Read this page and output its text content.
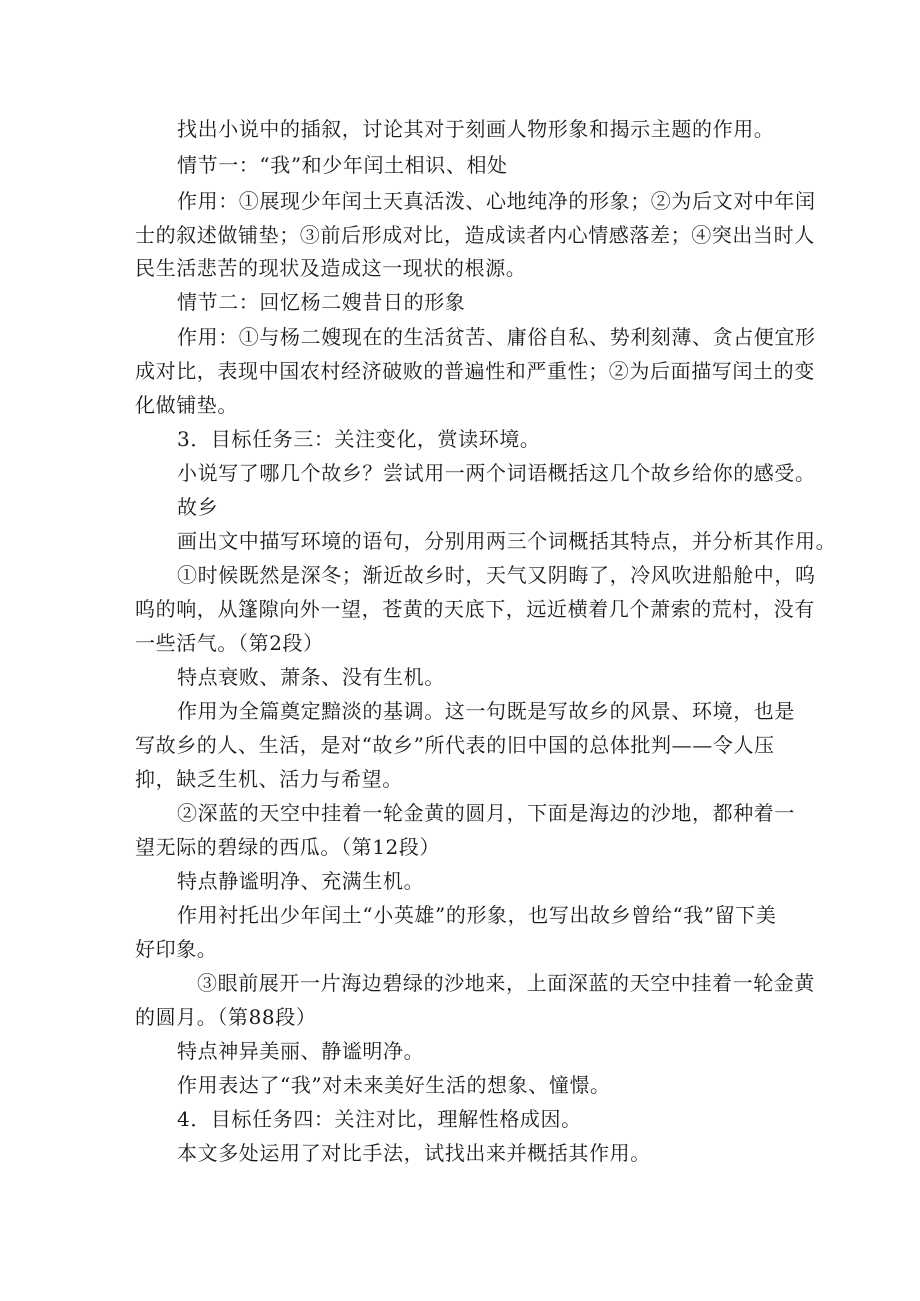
找出小说中的插叙，讨论其对于刻画人物形象和揭示主题的作用。
情节一：“我”和少年闰土相识、相处
作用：①展现少年闰土天真活泼、心地纯净的形象；②为后文对中年闰
士的叙述做铺垫；③前后形成对比，造成读者内心情感落差；④突出当时人
民生活悲苦的现状及造成这一现状的根源。
情节二：回忆杨二嫂昔日的形象
作用：①与杨二嫂现在的生活贫苦、庸俗自私、势利刻薄、贪占便宜形
成对比，表现中国农村经济破败的普遍性和严重性；②为后面描写闰土的变
化做铺垫。
3．目标任务三：关注变化，赏读环境。
小说写了哪几个故乡？尝试用一两个词语概括这几个故乡给你的感受。
故乡
画出文中描写环境的语句，分别用两三个词概括其特点，并分析其作用。
①时候既然是深冬；渐近故乡时，天气又阴晦了，冷风吹进船舱中，呜
呜的响，从篷隙向外一望，苍黄的天底下，远近横着几个萧索的荒村，没有
一些活气。（第2段）
特点衰败、萧条、没有生机。
作用为全篇奠定黯淡的基调。这一句既是写故乡的风景、环境，也是
写故乡的人、生活，是对“故乡”所代表的旧中国的总体批判——令人压
抑，缺乏生机、活力与希望。
②深蓝的天空中挂着一轮金黄的圆月，下面是海边的沙地，都种着一
望无际的碧绿的西瓜。（第12段）
特点静谧明净、充满生机。
作用衬托出少年闰土“小英雄”的形象，也写出故乡曾给“我”留下美
好印象。
③眼前展开一片海边碧绿的沙地来，上面深蓝的天空中挂着一轮金黄
的圆月。（第88段）
特点神异美丽、静谧明净。
作用表达了“我”对未来美好生活的想象、憧憬。
4．目标任务四：关注对比，理解性格成因。
本文多处运用了对比手法，试找出来并概括其作用。
